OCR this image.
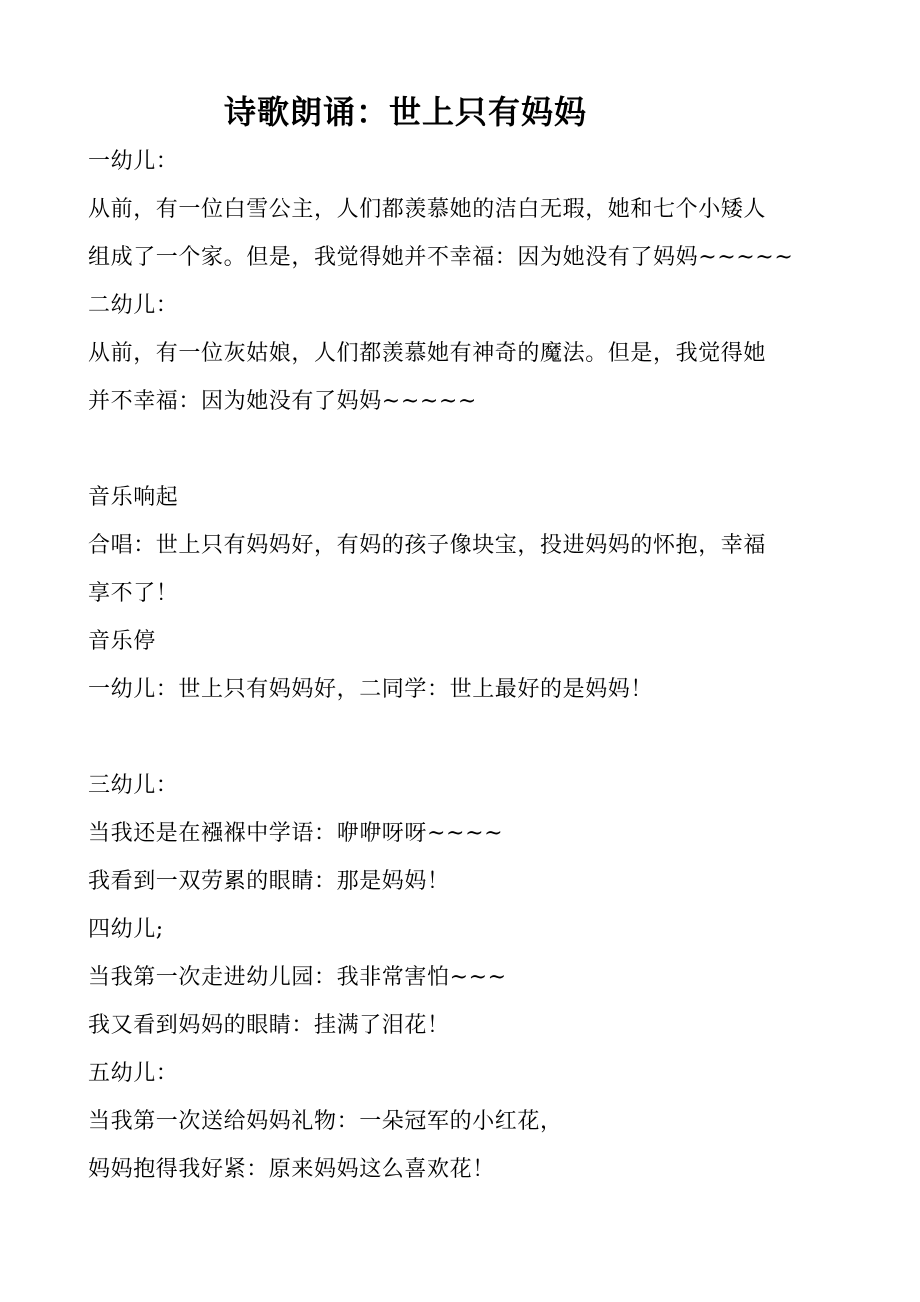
诗歌朗诵：世上只有妈妈
一幼儿：
从前，有一位白雪公主，人们都羡慕她的洁白无瑕，她和七个小矮人
组成了一个家。但是，我觉得她并不幸福：因为她没有了妈妈~~~~~
二幼儿：
从前，有一位灰姑娘，人们都羡慕她有神奇的魔法。但是，我觉得她
并不幸福：因为她没有了妈妈~~~~~
音乐响起
合唱：世上只有妈妈好，有妈的孩子像块宝，投进妈妈的怀抱，幸福
享不了！
音乐停
一幼儿：世上只有妈妈好，二同学：世上最好的是妈妈！
三幼儿：
当我还是在襁褓中学语：咿咿呀呀~~~~
我看到一双劳累的眼睛：那是妈妈！
四幼儿;
当我第一次走进幼儿园：我非常害怕~~~
我又看到妈妈的眼睛：挂满了泪花！
五幼儿：
当我第一次送给妈妈礼物：一朵冠军的小红花，
妈妈抱得我好紧：原来妈妈这么喜欢花！
